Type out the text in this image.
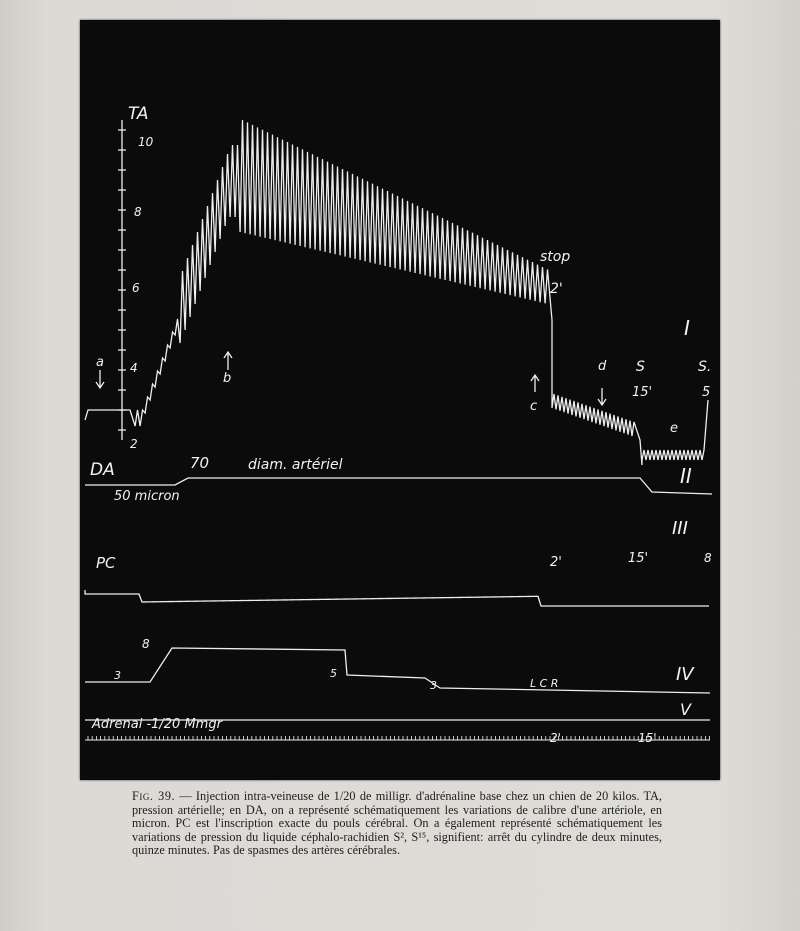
TA
10
8
6
4
2
a
b
c
d
stop
2'
S
15'
S.
5
e
I
II
III
IV
V
DA	70	diam. artériel
50 micron
PC	2'	15'	8
8
3	5
3	L C R
Adrenal -1/20 Mmgr
2'	15'
Fig. 39. — Injection intra-veineuse de 1/20 de milligr. d'adrénaline base chez un chien de 20 kilos. TA, pression artérielle; en DA, on a représenté schématiquement les variations de calibre d'une artériole, en micron. PC est l'inscription exacte du pouls cérébral. On a également représenté schématiquement les variations de pression du liquide céphalo-rachidien S², S¹⁵, signifient: arrêt du cylindre de deux minutes, quinze minutes. Pas de spasmes des artères cérébrales.
